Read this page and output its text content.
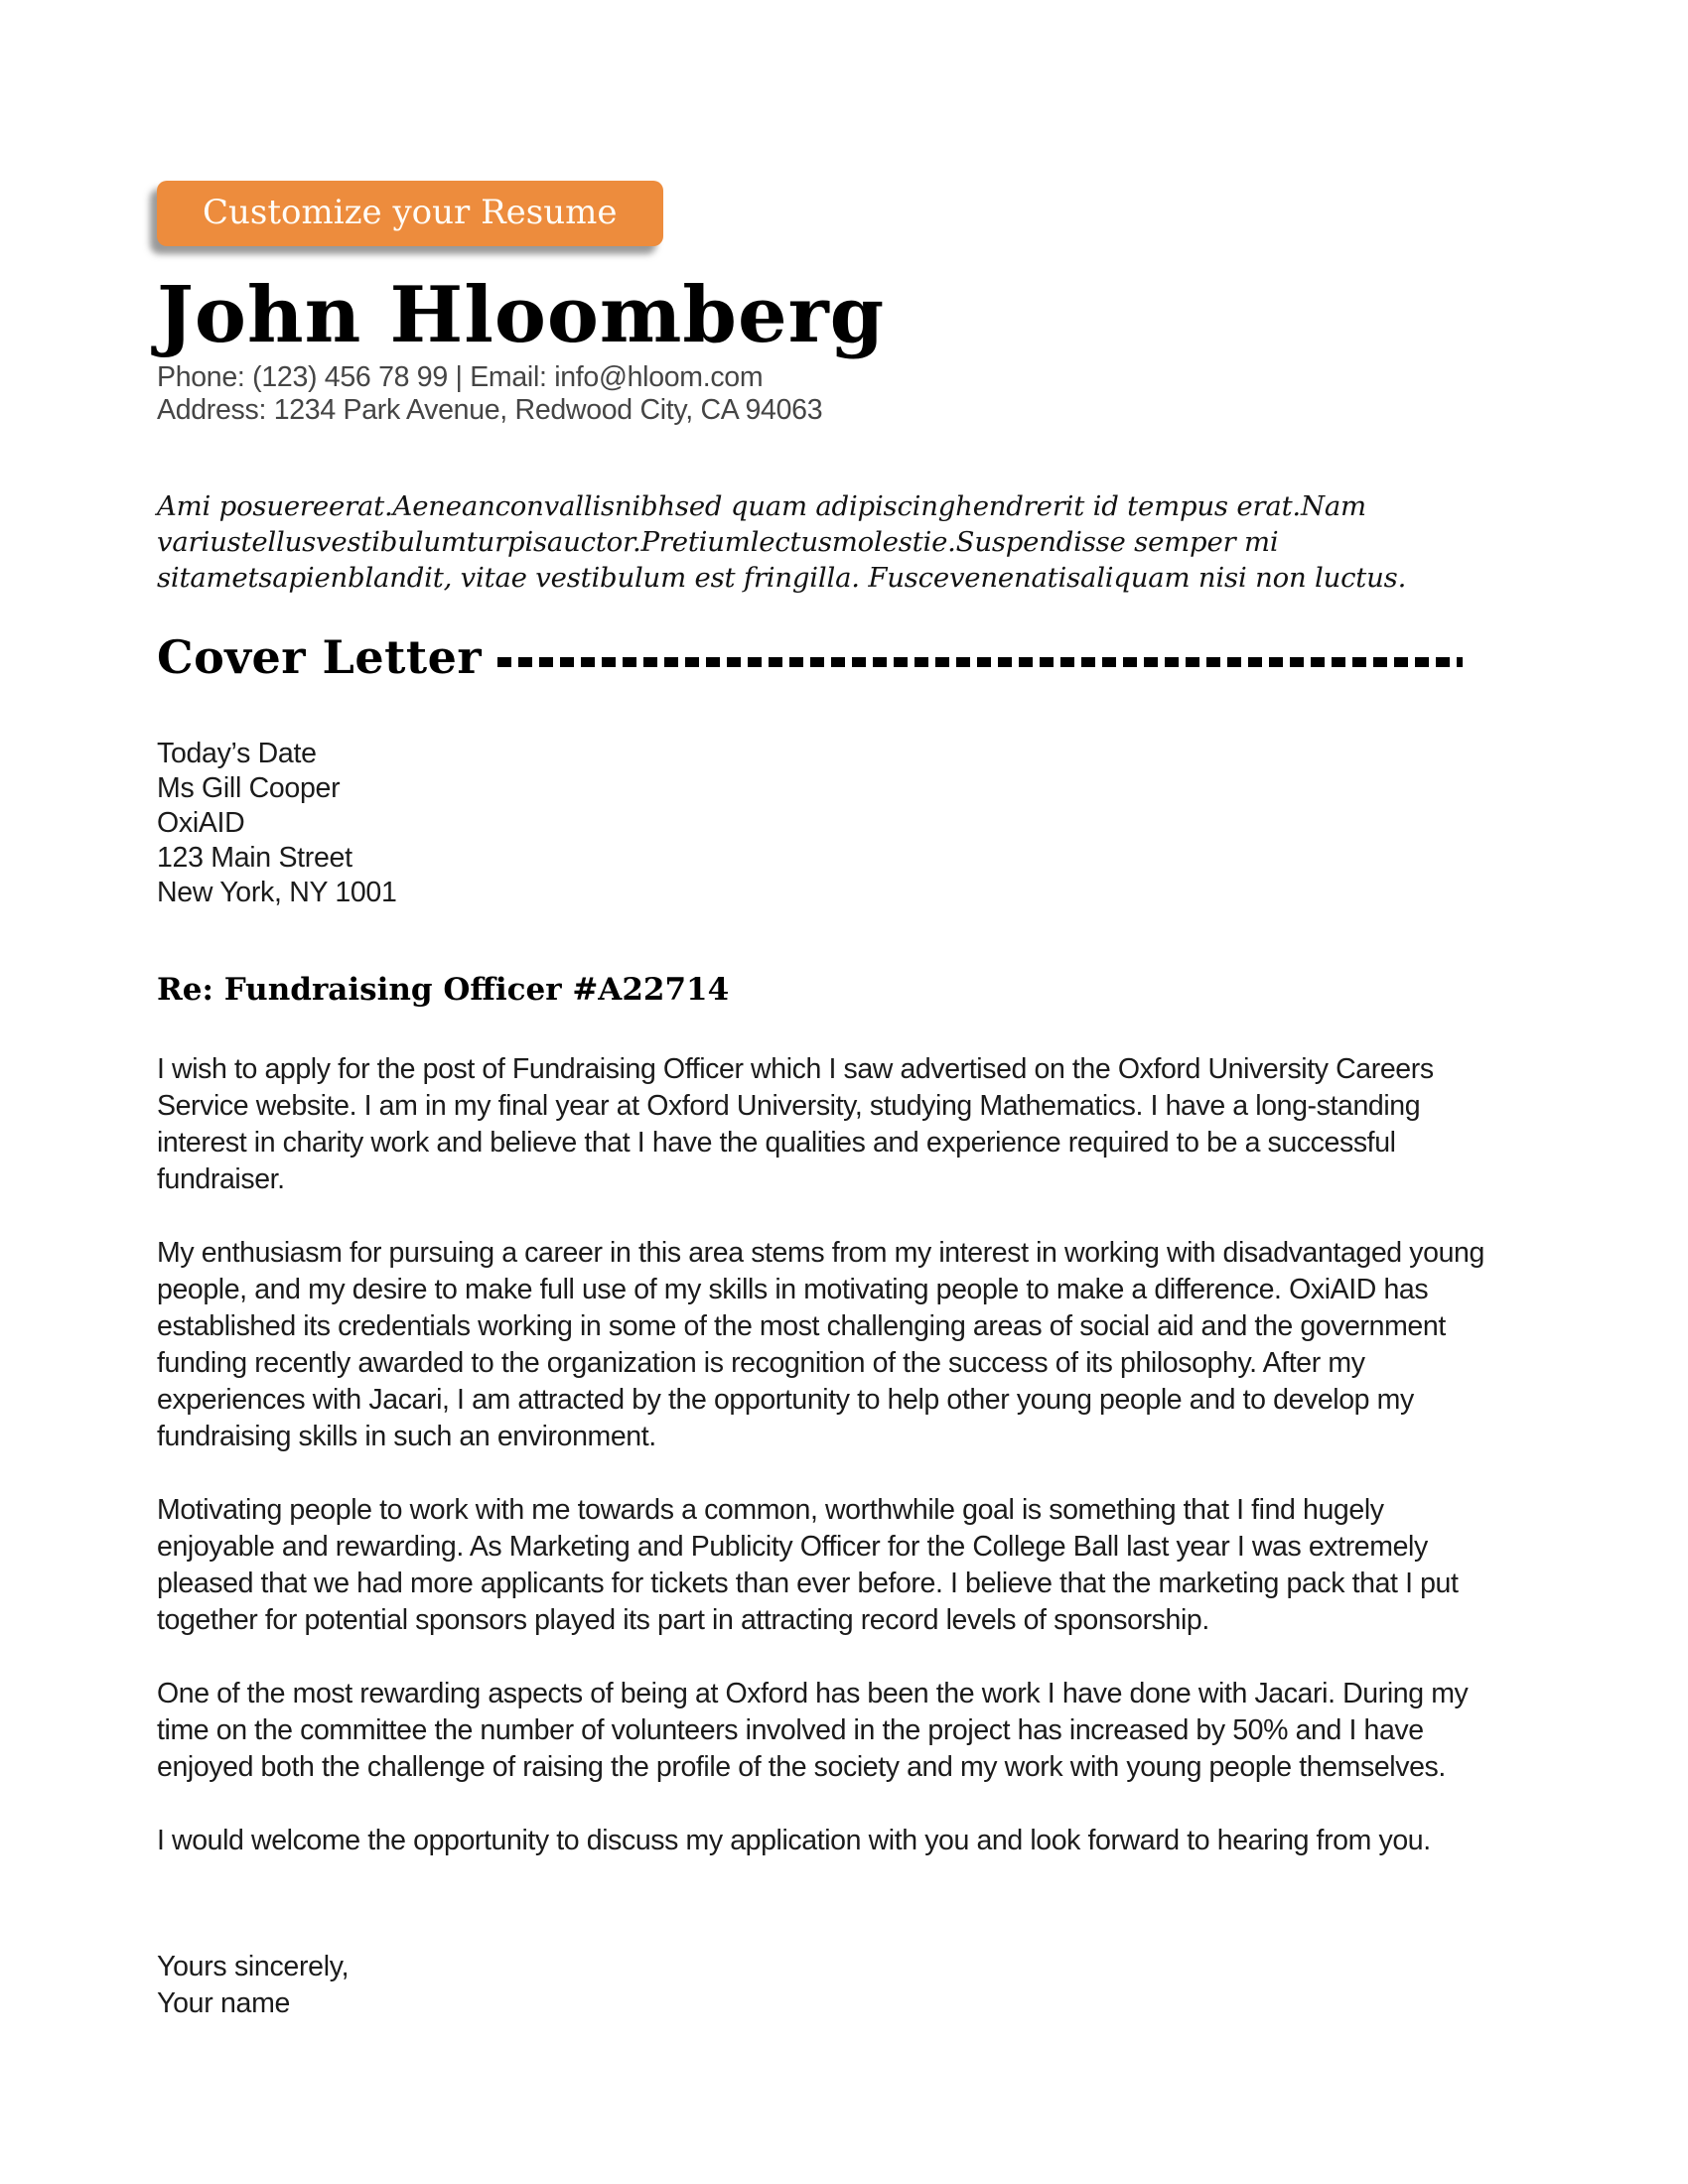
Customize your Resume
John Hloomberg
Phone: (123) 456 78 99 | Email: info@hloom.com
Address: 1234 Park Avenue, Redwood City, CA 94063
Ami posuereerat.Aeneanconvallisnibhsed quam adipiscinghendrerit id tempus erat.Nam variustellusvestibulumturpisauctor.Pretiumlectusmolestie.Suspendisse semper mi sitametsapienblandit, vitae vestibulum est fringilla. Fuscevenenatisaliquam nisi non luctus.
Cover Letter
Today’s Date
Ms Gill Cooper
OxiAID
123 Main Street
New York, NY 1001
Re: Fundraising Officer #A22714

I wish to apply for the post of Fundraising Officer which I saw advertised on the Oxford University Careers Service website. I am in my final year at Oxford University, studying Mathematics. I have a long-standing interest in charity work and believe that I have the qualities and experience required to be a successful fundraiser.

My enthusiasm for pursuing a career in this area stems from my interest in working with disadvantaged young people, and my desire to make full use of my skills in motivating people to make a difference. OxiAID has established its credentials working in some of the most challenging areas of social aid and the government funding recently awarded to the organization is recognition of the success of its philosophy. After my experiences with Jacari, I am attracted by the opportunity to help other young people and to develop my fundraising skills in such an environment.

Motivating people to work with me towards a common, worthwhile goal is something that I find hugely enjoyable and rewarding. As Marketing and Publicity Officer for the College Ball last year I was extremely pleased that we had more applicants for tickets than ever before. I believe that the marketing pack that I put together for potential sponsors played its part in attracting record levels of sponsorship.

One of the most rewarding aspects of being at Oxford has been the work I have done with Jacari. During my time on the committee the number of volunteers involved in the project has increased by 50% and I have enjoyed both the challenge of raising the profile of the society and my work with young people themselves.

I would welcome the opportunity to discuss my application with you and look forward to hearing from you.

Yours sincerely,
Your name
